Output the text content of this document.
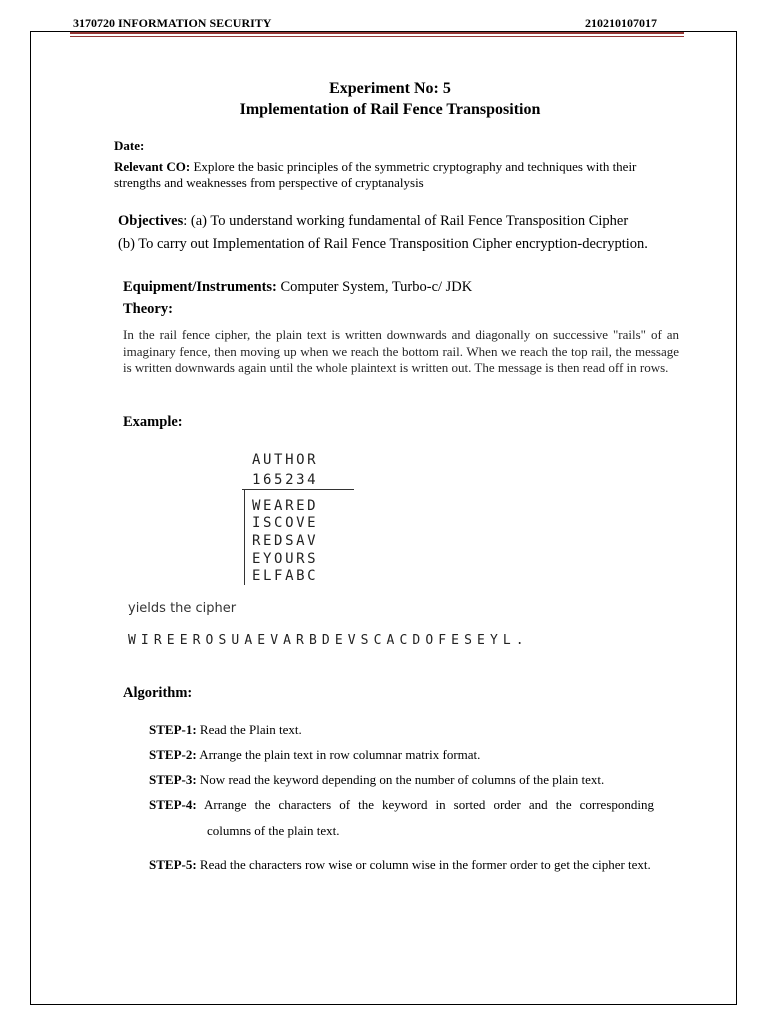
3170720 INFORMATION SECURITY	210210107017
Experiment No: 5
Implementation of Rail Fence Transposition
Date:
Relevant CO: Explore the basic principles of the symmetric cryptography and techniques with their strengths and weaknesses from perspective of cryptanalysis
Objectives: (a) To understand working fundamental of Rail Fence Transposition Cipher
(b) To carry out Implementation of Rail Fence Transposition Cipher encryption-decryption.
Equipment/Instruments: Computer System, Turbo-c/ JDK
Theory:
In the rail fence cipher, the plain text is written downwards and diagonally on successive "rails" of an imaginary fence, then moving up when we reach the bottom rail. When we reach the top rail, the message is written downwards again until the whole plaintext is written out. The message is then read off in rows.
Example:
AUTHOR
165234
WEARED
ISCOVE
REDSAV
EYOURS
ELFABC
yields the cipher
WIREEROSUAEVARBDEVSCACDOFESEYL.
Algorithm:
STEP-1: Read the Plain text.
STEP-2: Arrange the plain text in row columnar matrix format.
STEP-3: Now read the keyword depending on the number of columns of the plain text.
STEP-4: Arrange the characters of the keyword in sorted order and the corresponding
columns of the plain text.
STEP-5: Read the characters row wise or column wise in the former order to get the cipher text.
